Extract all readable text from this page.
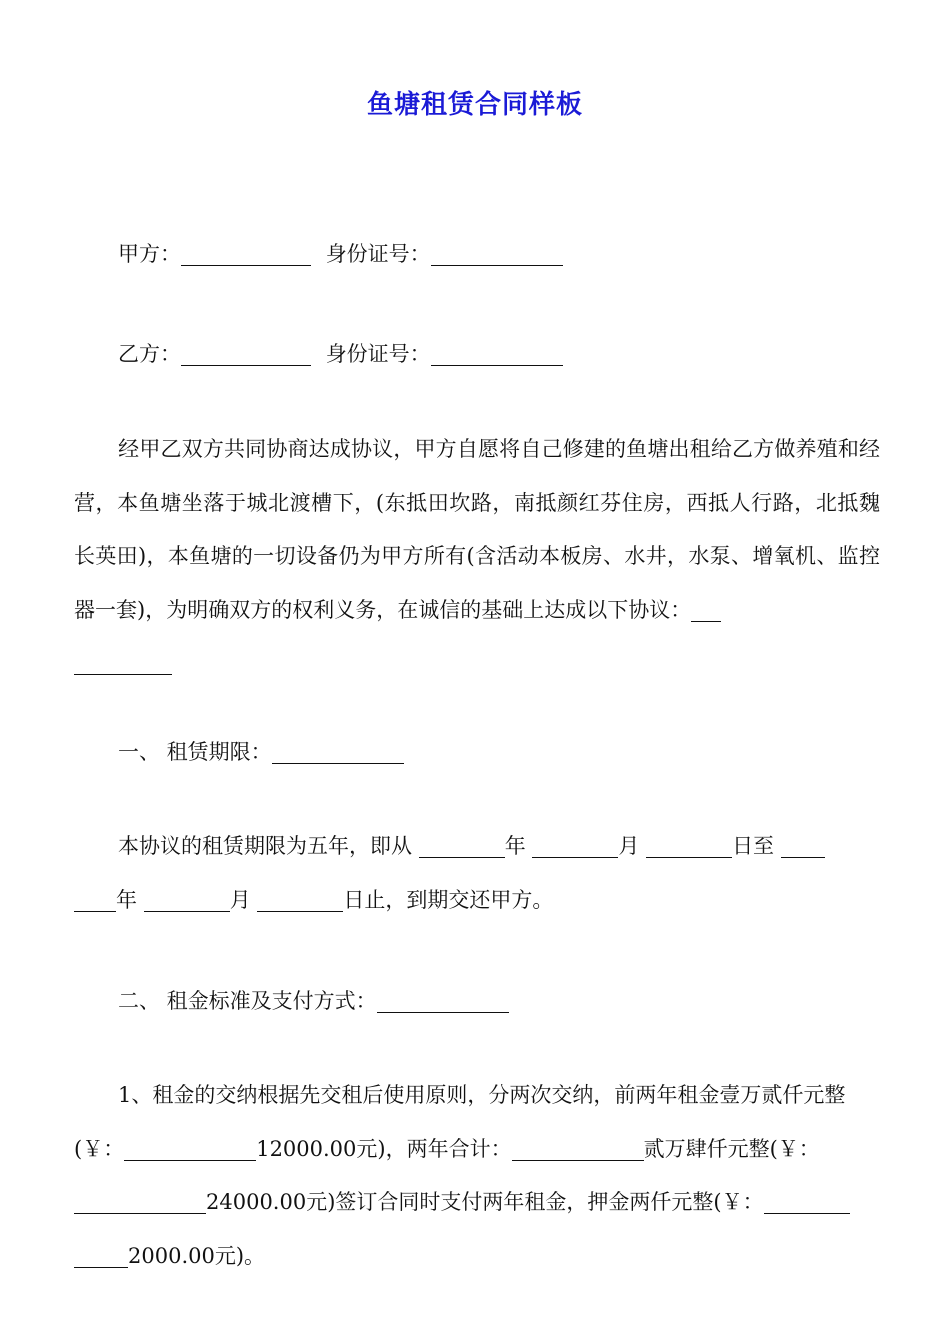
鱼塘租赁合同样板
甲方：	身份证号：
乙方：	身份证号：
经甲乙双方共同协商达成协议，甲方自愿将自己修建的鱼塘出租给乙方做养殖和经营，本鱼塘坐落于城北渡槽下，(东抵田坎路，南抵颜红芬住房，西抵人行路，北抵魏长英田)，本鱼塘的一切设备仍为甲方所有(含活动本板房、水井，水泵、增氧机、监控器一套)，为明确双方的权利义务，在诚信的基础上达成以下协议：

一、 租赁期限：
本协议的租赁期限为五年，即从	年	月	日至
年	月	日止，到期交还甲方。
二、 租金标准及支付方式：
1、租金的交纳根据先交租后使用原则，分两次交纳，前两年租金壹万贰仟元整(￥：	12000.00元)，两年合计：	贰万肆仟元整(￥：
24000.00元)签订合同时支付两年租金，押金两仟元整(￥：
2000.00元)。
